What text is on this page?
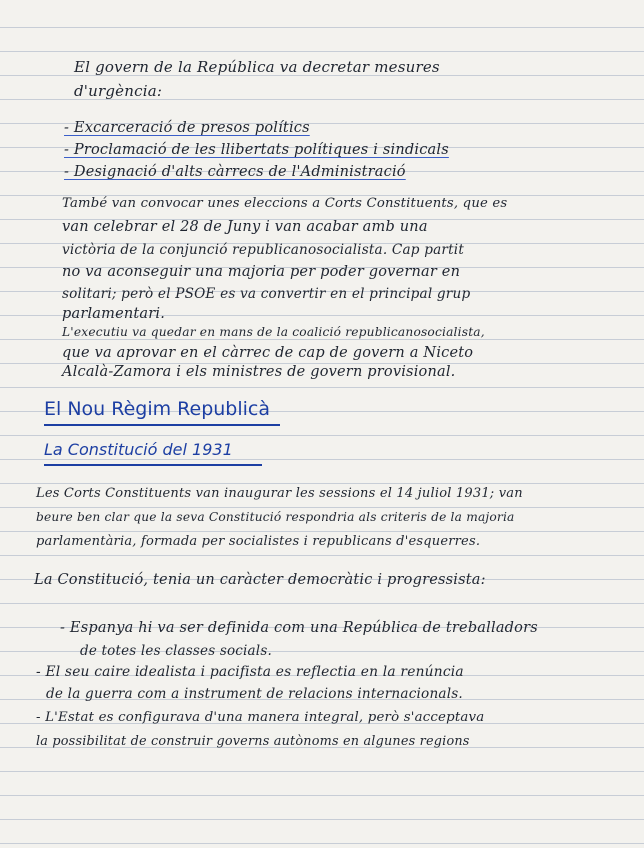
El govern de la República va decretar mesures
d'urgència:
- Excarceració de presos polítics
- Proclamació de les llibertats polítiques i sindicals
- Designació d'alts càrrecs de l'Administració
També van convocar unes eleccions a Corts Constituents, que es
van celebrar el 28 de Juny i van acabar amb una
victòria de la conjunció republicanosocialista. Cap partit
no va aconseguir una majoria per poder governar en
solitari; però el PSOE es va convertir en el principal grup
parlamentari.
L'executiu va quedar en mans de la coalició republicanosocialista,
que va aprovar en el càrrec de cap de govern a Niceto
Alcalà-Zamora i els ministres de govern provisional.
El Nou Règim Republicà
La Constitució del 1931
Les Corts Constituents van inaugurar les sessions el 14 juliol 1931; van
beure ben clar que la seva Constitució respondria als criteris de la majoria
parlamentària, formada per socialistes i republicans d'esquerres.
La Constitució, tenia un caràcter democràtic i progressista:
- Espanya hi va ser definida com una República de treballadors
de totes les classes socials.
- El seu caire idealista i pacifista es reflectia en la renúncia
de la guerra com a instrument de relacions internacionals.
- L'Estat es configurava d'una manera integral, però s'acceptava
la possibilitat de construir governs autònoms en algunes regions
